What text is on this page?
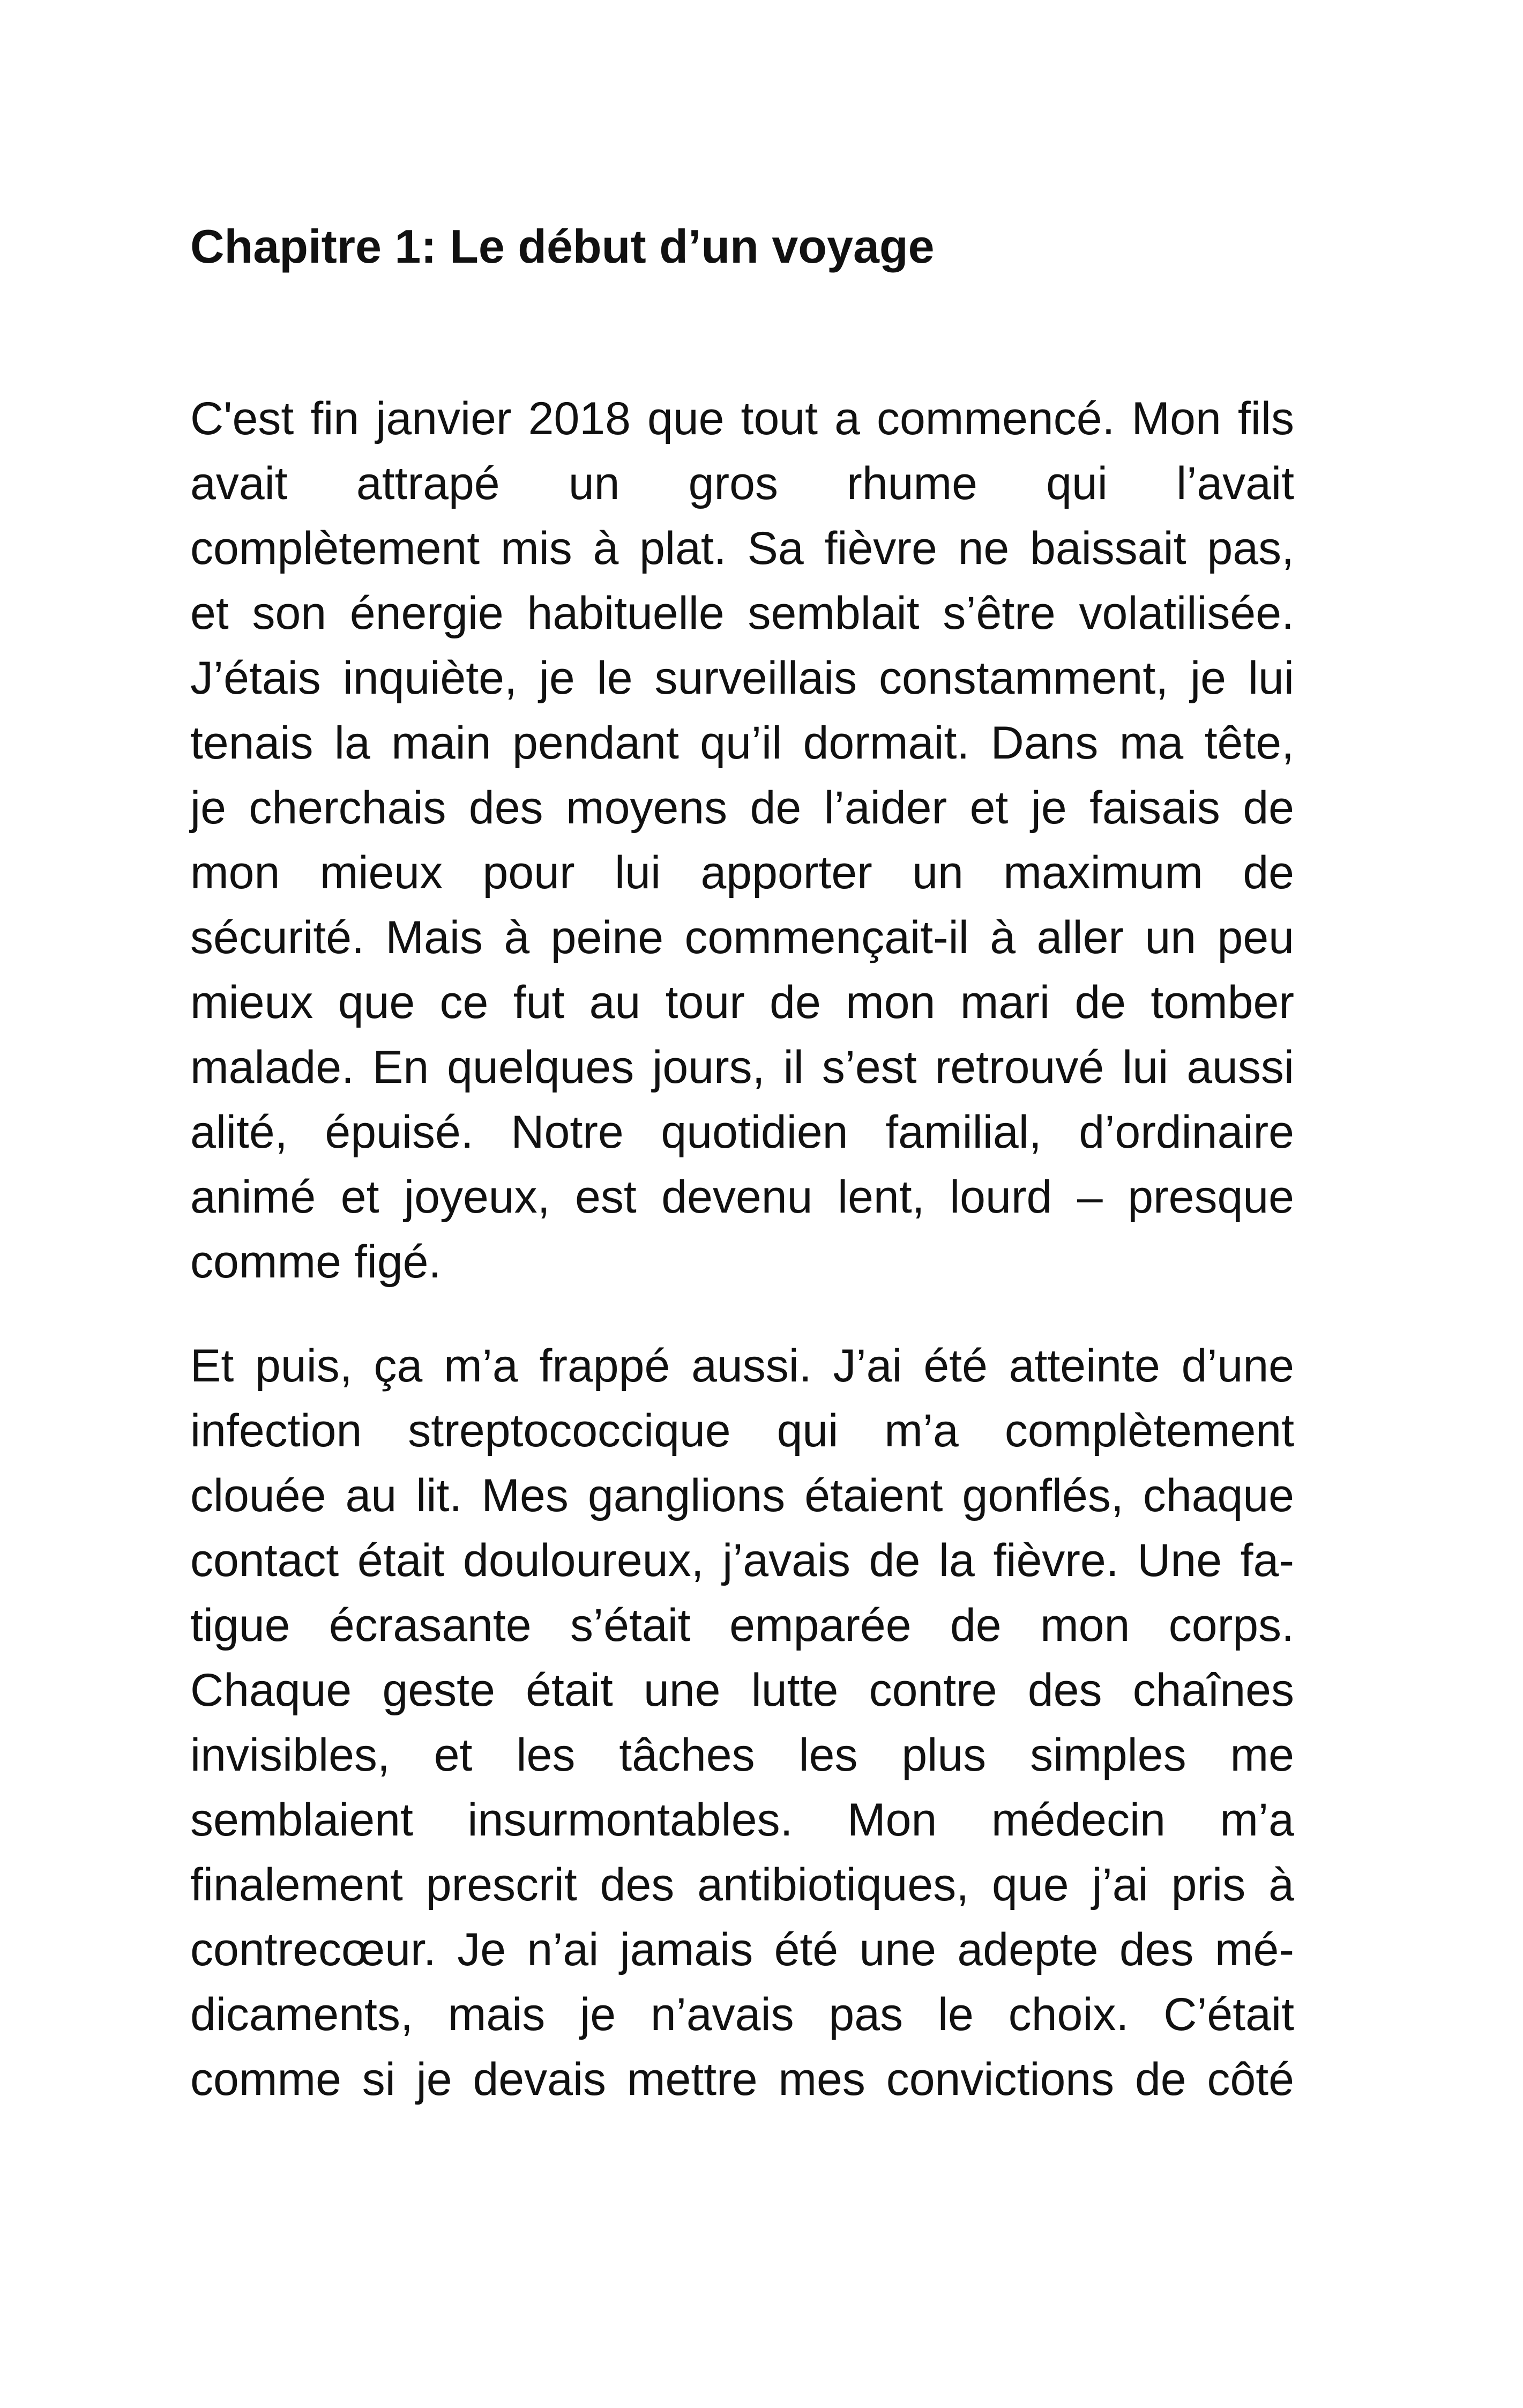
Chapitre 1: Le début d’un voyage
C'est fin janvier 2018 que tout a commencé. Mon fils
avait attrapé un gros rhume qui l’avait
complètement mis à plat. Sa fièvre ne baissait pas,
et son énergie habituelle semblait s’être volatilisée.
J’étais inquiète, je le surveillais constamment, je lui
tenais la main pendant qu’il dormait. Dans ma tête,
je cherchais des moyens de l’aider et je faisais de
mon mieux pour lui apporter un maximum de
sécurité. Mais à peine commençait-il à aller un peu
mieux que ce fut au tour de mon mari de tomber
malade. En quelques jours, il s’est retrouvé lui aussi
alité, épuisé. Notre quotidien familial, d’ordinaire
animé et joyeux, est devenu lent, lourd – presque
comme figé.
Et puis, ça m’a frappé aussi. J’ai été atteinte d’une
infection streptococcique qui m’a complètement
clouée au lit. Mes ganglions étaient gonflés, chaque
contact était douloureux, j’avais de la fièvre. Une fa-
tigue écrasante s’était emparée de mon corps.
Chaque geste était une lutte contre des chaînes
invisibles, et les tâches les plus simples me
semblaient insurmontables. Mon médecin m’a
finalement prescrit des antibiotiques, que j’ai pris à
contrecœur. Je n’ai jamais été une adepte des mé-
dicaments, mais je n’avais pas le choix. C’était
comme si je devais mettre mes convictions de côté
